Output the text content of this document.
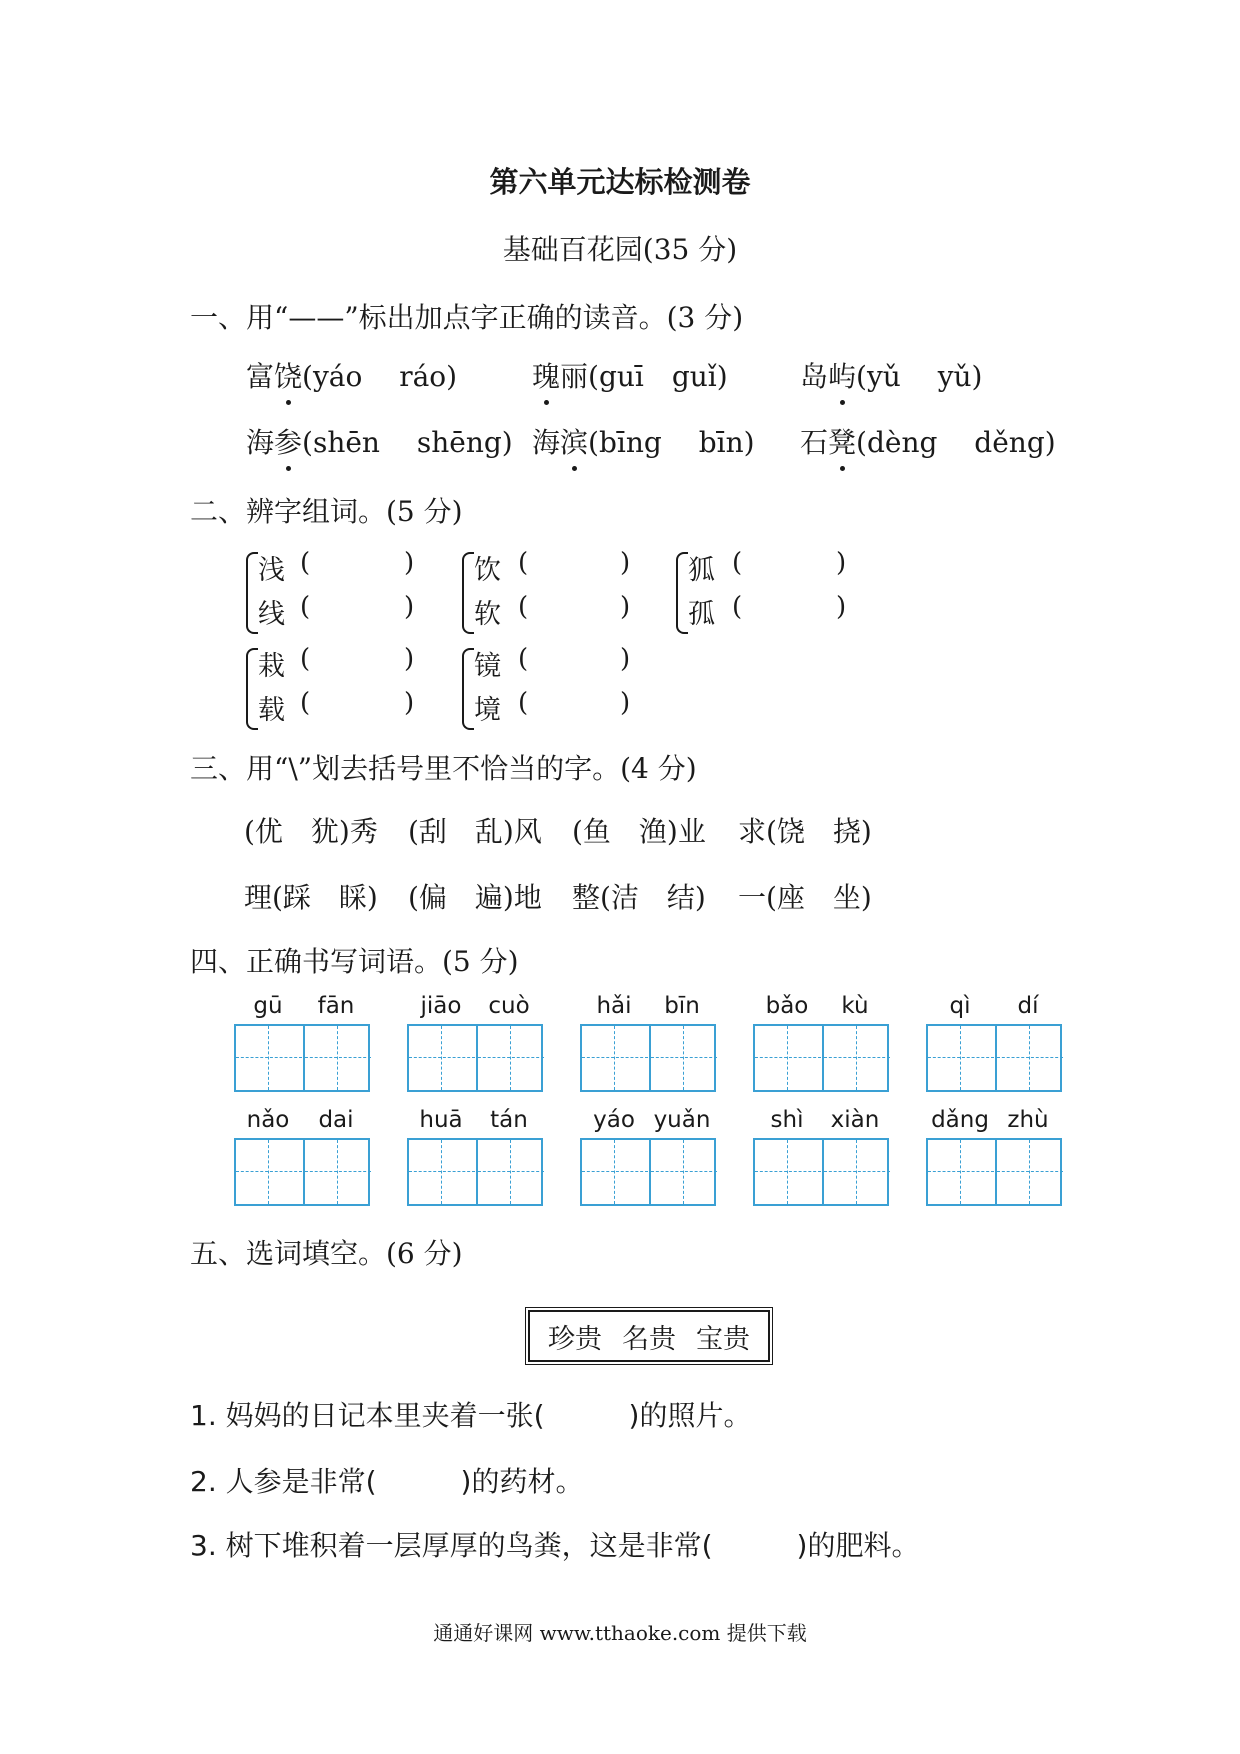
第六单元达标检测卷
基础百花园(35 分)
一、用“——”标出加点字正确的读音。(3 分)
富饶(yáo　 ráo)	瑰丽(guī　guǐ)	岛屿(yǔ　 yǔ)
海参(shēn　 shēng) 海滨(bīng　 bīn) 石凳(dèng　 děng)
二、辨字组词。(5 分)
浅 (	)
线 (	)
饮 (	)
软 (	)
狐 (	)
孤 (	)
栽 (	)
载 (	)
镜 (	)
境 (	)
三、用“\”划去括号里不恰当的字。(4 分)
(优　犹)秀 (刮　乱)风 (鱼　渔)业 求(饶　挠)
理(踩　睬) (偏　遍)地 整(洁　结) 一(座　坐)
四、正确书写词语。(5 分)
gū	fān	jiāo	cuò	hǎi	bīn	bǎo	kù	qì	dí
nǎo	dai	huā	tán	yáo yuǎn	shì	xiàn	dǎng zhù
五、选词填空。(6 分)
珍贵 名贵 宝贵
1. 妈妈的日记本里夹着一张(　　　)的照片。
2. 人参是非常(　　　)的药材。
3. 树下堆积着一层厚厚的鸟粪，这是非常(　　　)的肥料。
通通好课网 www.tthaoke.com 提供下载
